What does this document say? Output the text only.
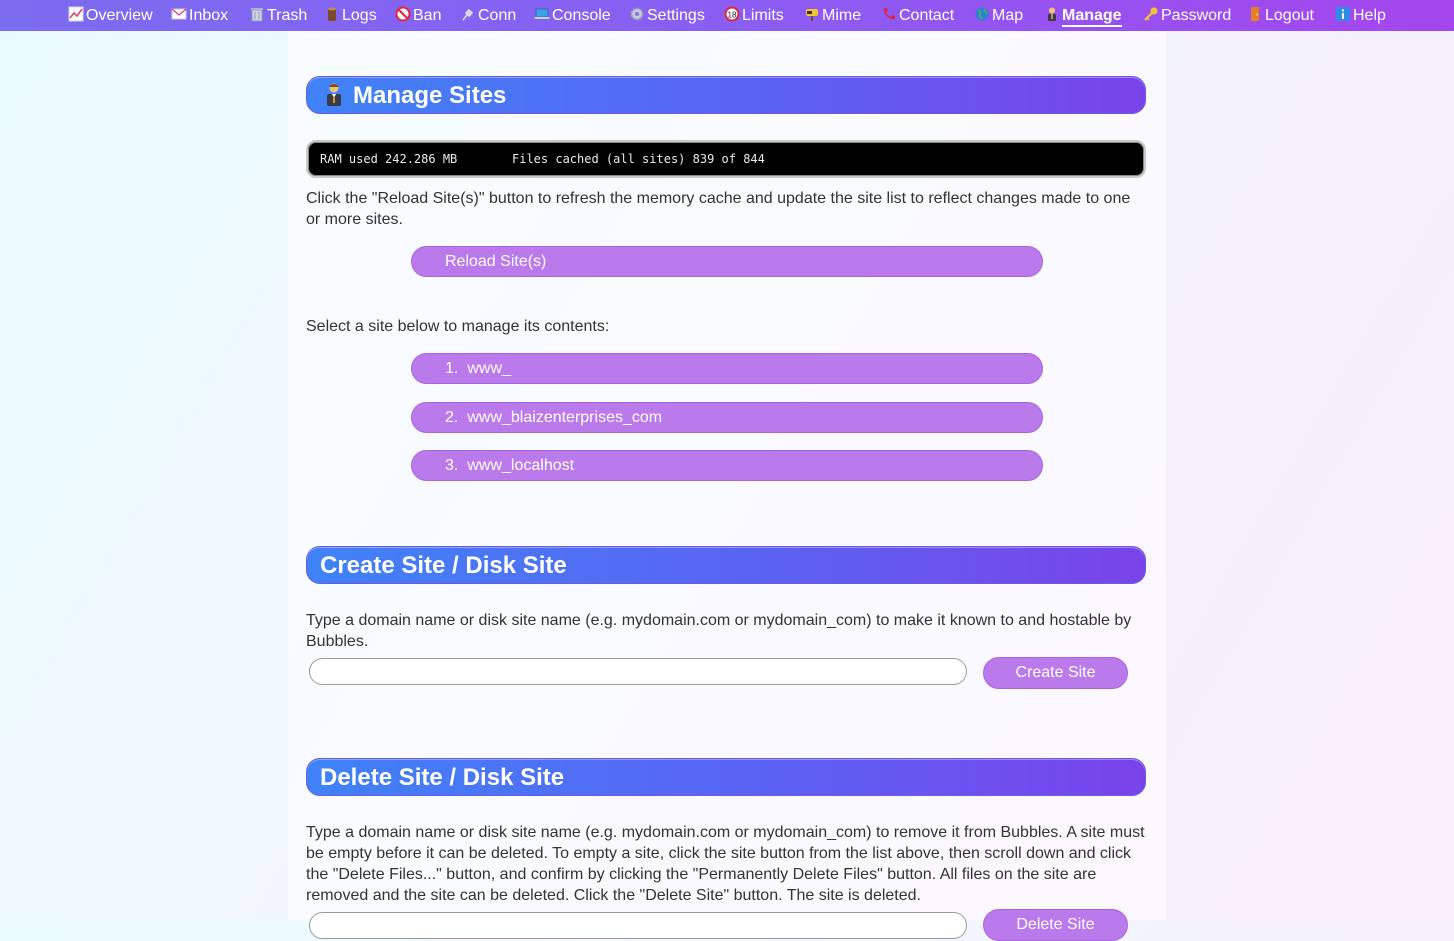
Overview	Inbox	Trash	Logs	Ban	Conn	Console	Settings	18 Limits	Mime	Contact	Map	Manage	Password	Logout	Help
Manage Sites
RAM used 242.286 MB	Files cached (all sites) 839 of 844
Click the "Reload Site(s)" button to refresh the memory cache and update the site list to reflect changes made to one or more sites.
Reload Site(s)
Select a site below to manage its contents:
1. www_
2. www_blaizenterprises_com
3. www_localhost
Create Site / Disk Site
Type a domain name or disk site name (e.g. mydomain.com or mydomain_com) to make it known to and hostable by Bubbles.
Create Site
Delete Site / Disk Site
Type a domain name or disk site name (e.g. mydomain.com or mydomain_com) to remove it from Bubbles. A site must be empty before it can be deleted. To empty a site, click the site button from the list above, then scroll down and click the "Delete Files..." button, and confirm by clicking the "Permanently Delete Files" button. All files on the site are removed and the site can be deleted. Click the "Delete Site" button. The site is deleted.
Delete Site
